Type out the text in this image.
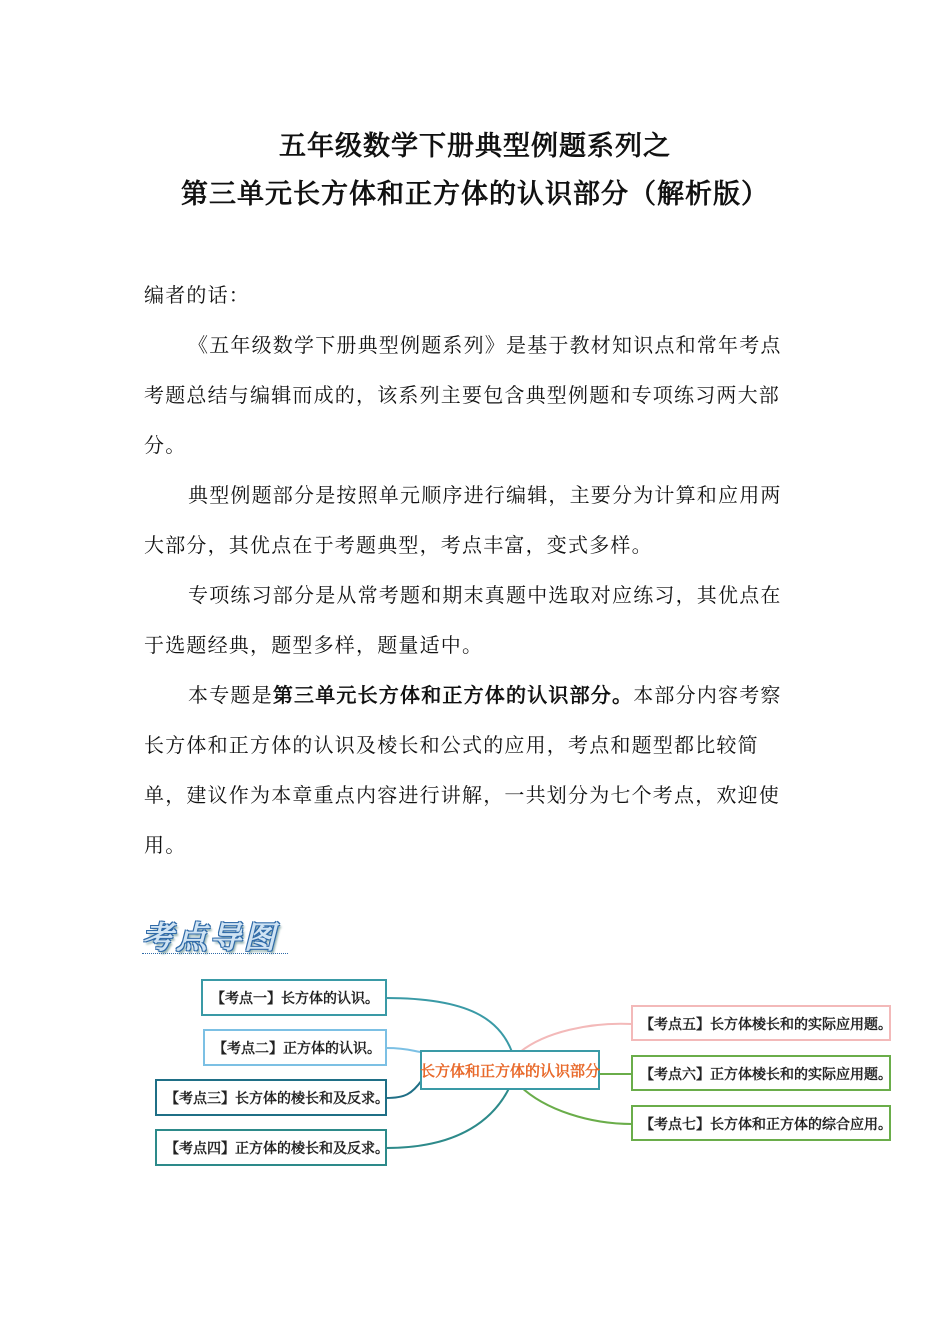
五年级数学下册典型例题系列之
第三单元长方体和正方体的认识部分（解析版）
编者的话：
《五年级数学下册典型例题系列》是基于教材知识点和常年考点考题总结与编辑而成的，该系列主要包含典型例题和专项练习两大部分。
典型例题部分是按照单元顺序进行编辑，主要分为计算和应用两大部分，其优点在于考题典型，考点丰富，变式多样。
专项练习部分是从常考题和期末真题中选取对应练习，其优点在于选题经典，题型多样，题量适中。
本专题是第三单元长方体和正方体的认识部分。本部分内容考察长方体和正方体的认识及棱长和公式的应用，考点和题型都比较简单，建议作为本章重点内容进行讲解，一共划分为七个考点，欢迎使用。
考点导图
【考点一】长方体的认识。
【考点二】正方体的认识。
【考点三】长方体的棱长和及反求。
【考点四】正方体的棱长和及反求。
长方体和正方体的认识部分
【考点五】长方体棱长和的实际应用题。
【考点六】正方体棱长和的实际应用题。
【考点七】长方体和正方体的综合应用。
